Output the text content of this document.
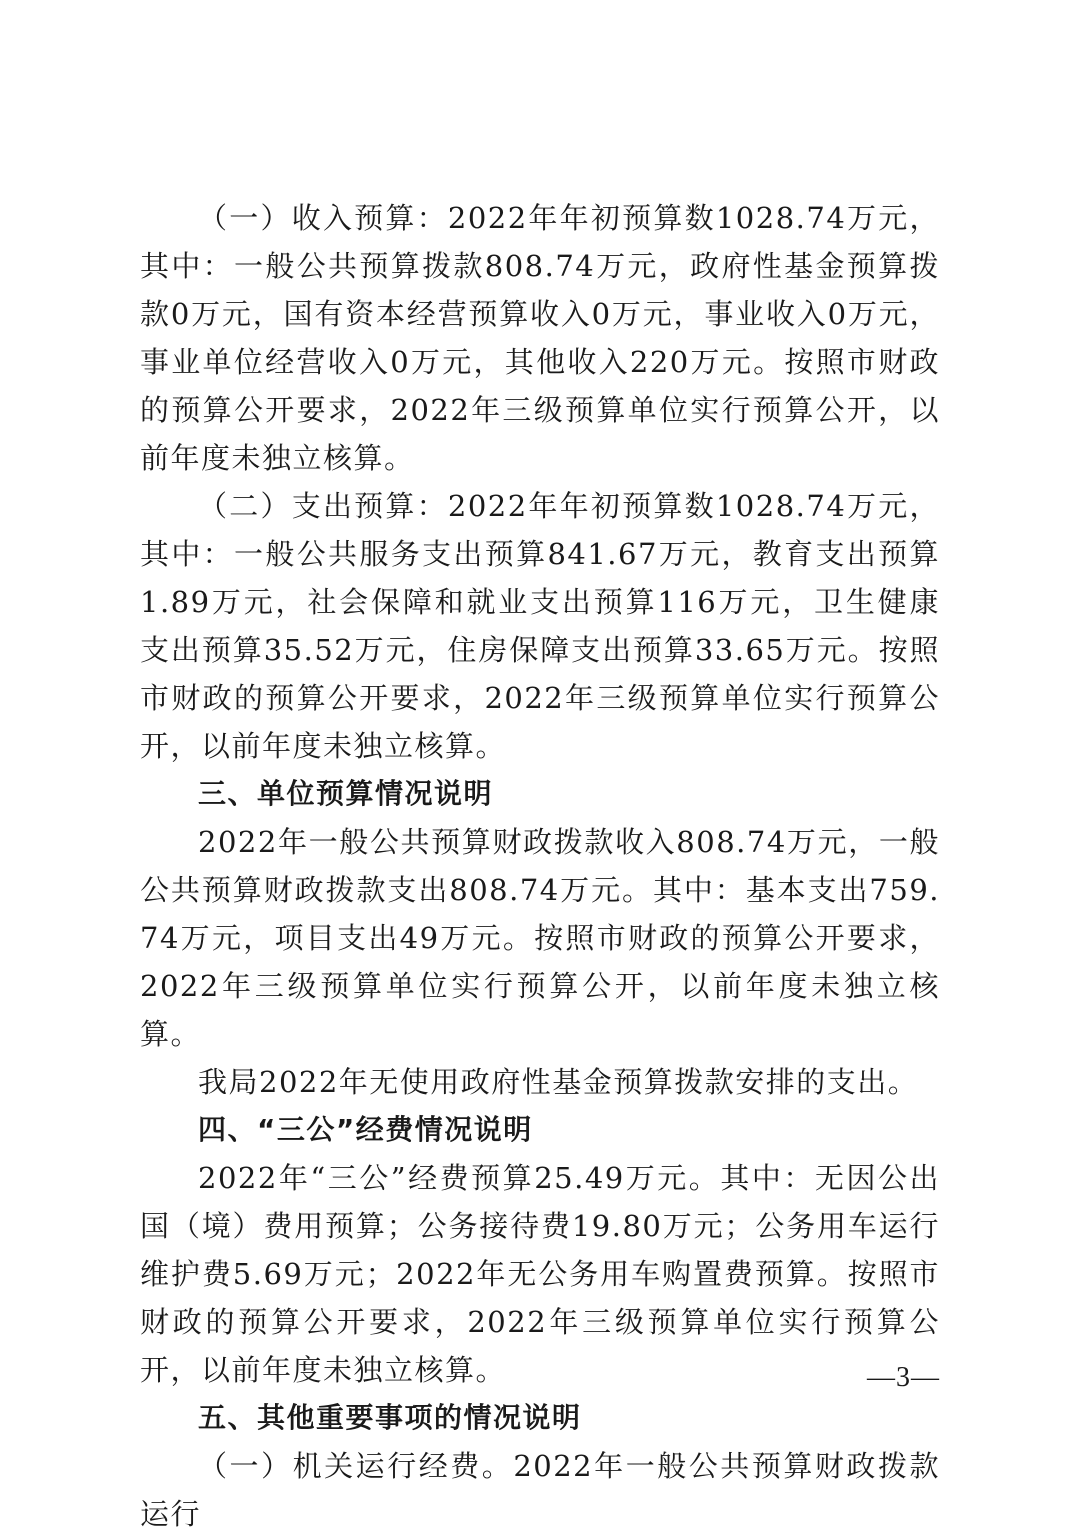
（一）收入预算：2022年年初预算数1028.74万元，其中：一般公共预算拨款808.74万元，政府性基金预算拨款0万元，国有资本经营预算收入0万元，事业收入0万元，事业单位经营收入0万元，其他收入220万元。按照市财政的预算公开要求，2022年三级预算单位实行预算公开，以前年度未独立核算。

（二）支出预算：2022年年初预算数1028.74万元，其中：一般公共服务支出预算841.67万元，教育支出预算1.89万元，社会保障和就业支出预算116万元，卫生健康支出预算35.52万元，住房保障支出预算33.65万元。按照市财政的预算公开要求，2022年三级预算单位实行预算公开，以前年度未独立核算。

三、单位预算情况说明

2022年一般公共预算财政拨款收入808.74万元，一般公共预算财政拨款支出808.74万元。其中：基本支出759.74万元，项目支出49万元。按照市财政的预算公开要求，2022年三级预算单位实行预算公开，以前年度未独立核算。

我局2022年无使用政府性基金预算拨款安排的支出。

四、“三公”经费情况说明

2022年“三公”经费预算25.49万元。其中：无因公出国（境）费用预算；公务接待费19.80万元；公务用车运行维护费5.69万元；2022年无公务用车购置费预算。按照市财政的预算公开要求，2022年三级预算单位实行预算公开，以前年度未独立核算。

五、其他重要事项的情况说明

（一）机关运行经费。2022年一般公共预算财政拨款运行

—3—
